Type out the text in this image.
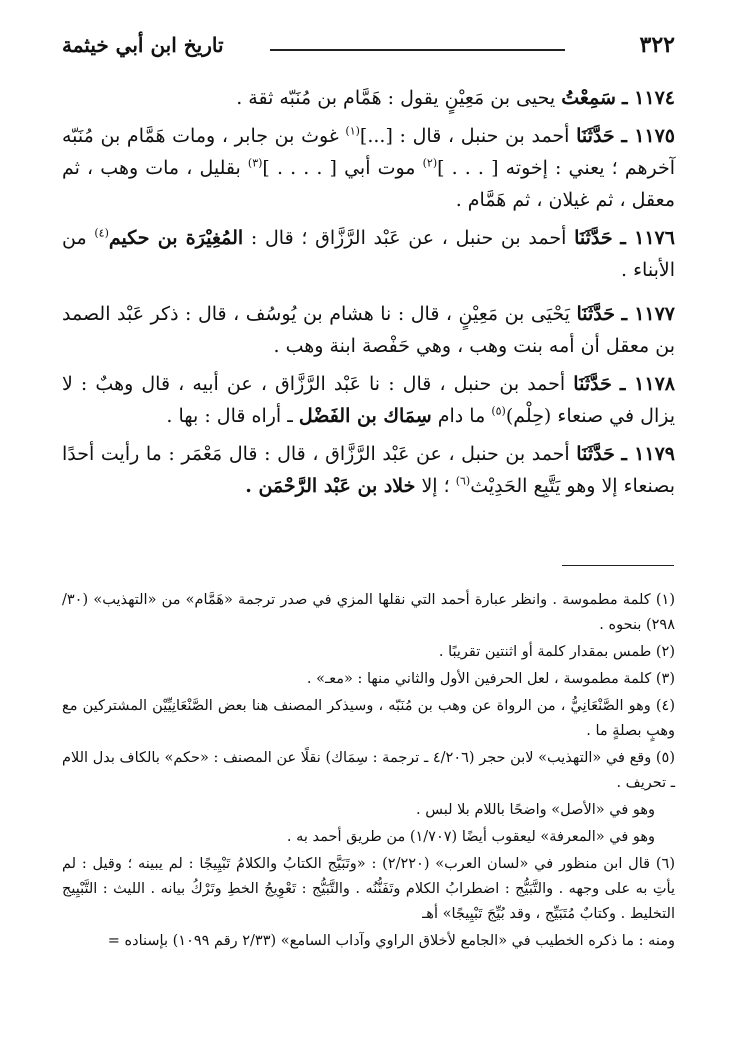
٣٢٢
تاريخ ابن أبي خيثمة

١١٧٤ ـ سَمِعْتُ يحيى بن مَعِيْنٍ يقول : هَمَّام بن مُنَبّه ثقة .

١١٧٥ ـ حَدَّثَنَا أحمد بن حنبل ، قال : [...]$^{(١)}$ غوث بن جابر ، ومات هَمَّام بن مُنَبّه آخرهم ؛ يعني : إخوته [ . . . ]$^{(٢)}$ موت أبي [ . . . . ]$^{(٣)}$ بقليل ، مات وهب ، ثم معقل ، ثم غيلان ، ثم هَمَّام .

١١٧٦ ـ حَدَّثَنَا أحمد بن حنبل ، عن عَبْد الرَّزَّاق ؛ قال : المُغِيْرَة بن حكيم$^{(٤)}$ من الأبناء .

١١٧٧ ـ حَدَّثَنَا يَحْيَى بن مَعِيْنٍ ، قال : نا هشام بن يُوسُف ، قال : ذكر عَبْد الصمد بن معقل أن أمه بنت وهب ، وهي حَفْصة ابنة وهب .

١١٧٨ ـ حَدَّثَنَا أحمد بن حنبل ، قال : نا عَبْد الرَّزَّاق ، عن أبيه ، قال وهبٌ : لا يزال في صنعاء (حِلْم)$^{(٥)}$ ما دام سِمَاك بن الفَضْل ـ أراه قال : بها .

١١٧٩ ـ حَدَّثَنَا أحمد بن حنبل ، عن عَبْد الرَّزَّاق ، قال : قال مَعْمَر : ما رأيت أحدًا بصنعاء إلا وهو يَتَّبِع الحَدِيْث$^{(٦)}$ ؛ إلا خلاد بن عَبْد الرَّحْمَن .

(١) كلمة مطموسة . وانظر عبارة أحمد التي نقلها المزي في صدر ترجمة «هَمَّام» من «التهذيب» (٣٠/ ٢٩٨) بنحوه .

(٢) طمس بمقدار كلمة أو اثنتين تقريبًا .

(٣) كلمة مطموسة ، لعل الحرفين الأول والثاني منها : «معـ» .

(٤) وهو الصَّنْعَانِيُّ ، من الرواة عن وهب بن مُنَبّه ، وسيذكر المصنف هنا بعض الصَّنْعَانِيِّيْن المشتركين مع وهبٍ بصلةٍ ما .

(٥) وقع في «التهذيب» لابن حجر (٤/٢٠٦ ـ ترجمة : سِمَاك) نقلًا عن المصنف : «حكم» بالكاف بدل اللام ـ تحريف .

وهو في «الأصل» واضحًا باللام بلا لبس .

وهو في «المعرفة» ليعقوب أيضًا (١/٧٠٧) من طريق أحمد به .

(٦) قال ابن منظور في «لسان العرب» (٢/٢٢٠) : «وتَبَيَّج الكتابُ والكلامُ تَبْيِيجًا : لم يبينه ؛ وقيل : لم يأتِ به على وجهه . والتَّبَيُّج : اضطرابُ الكلام وتَفَنُّنُه . والتَّبَيُّج : تَعْوِيجُ الخطِ وتَرْكُ بيانه . الليث : التَّبْيِيج التخليط . وكتابٌ مُتَبَيِّج ، وقد بُيِّجَ تَبْيِيجًا» أهـ

ومنه : ما ذكره الخطيب في «الجامع لأخلاق الراوي وآداب السامع» (٢/٣٣ رقم ١٠٩٩) بإسناده =
